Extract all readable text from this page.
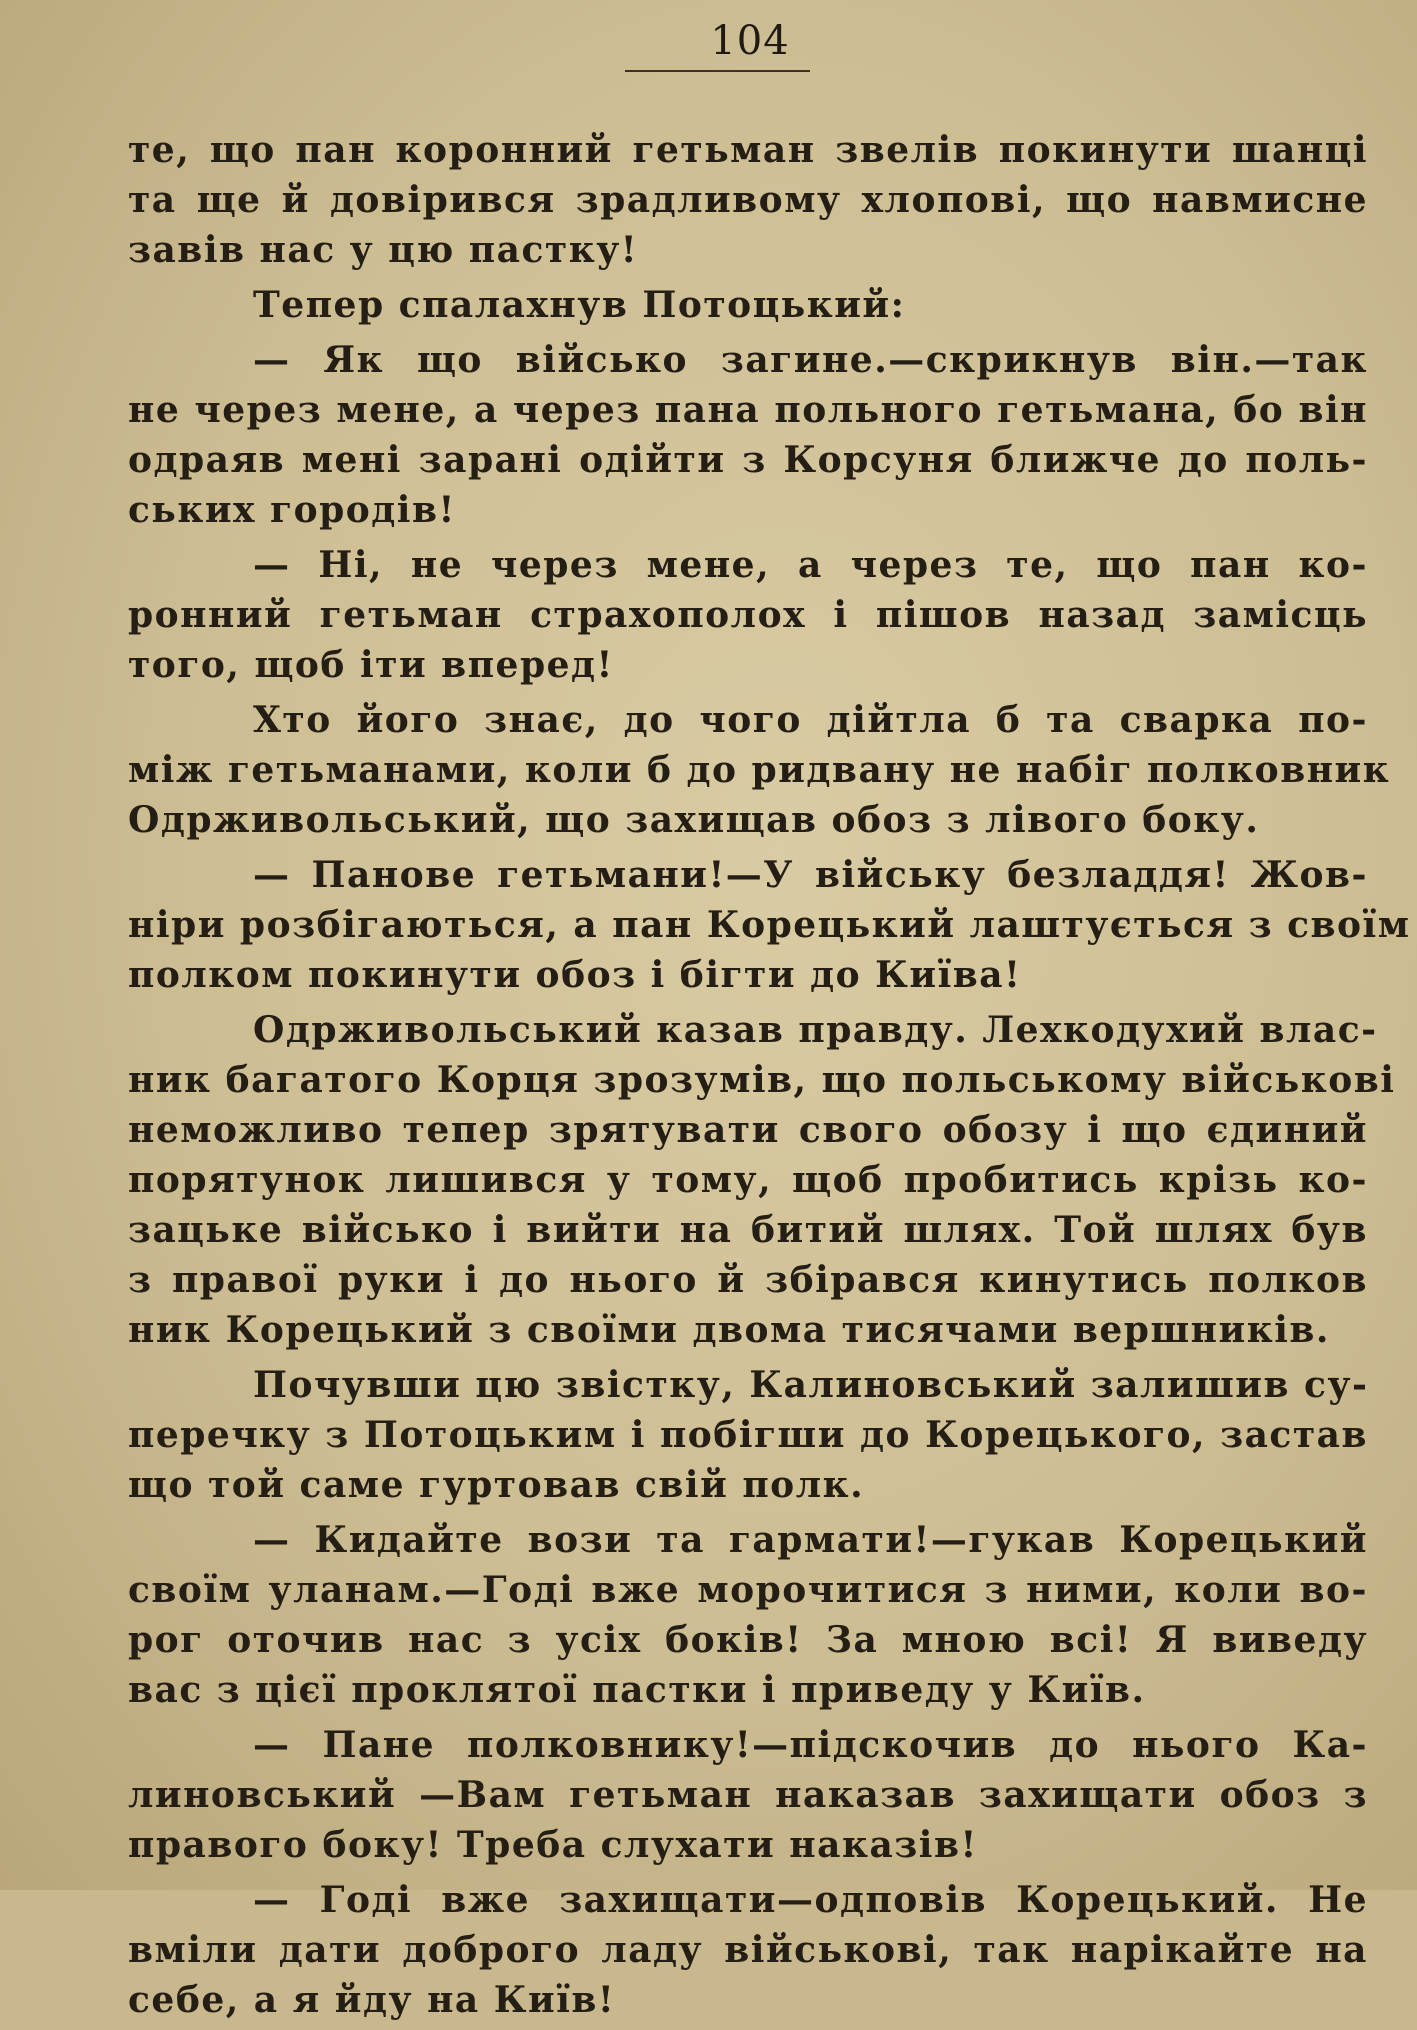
104
те, що пан коронний гетьман звелів покинути шанці
та ще й довірився зрадливому хлопові, що навмисне
завів нас у цю пастку!
Тепер спалахнув Потоцький:
— Як що військо загине.—скрикнув він.—так
не через мене, а через пана польного гетьмана, бо він
одраяв мені зарані одійти з Корсуня ближче до поль-
ських городів!
— Ні, не через мене, а через те, що пан ко-
ронний гетьман страхополох і пішов назад замісць
того, щоб іти вперед!
Хто його знає, до чого дійтла б та сварка по-
між гетьманами, коли б до ридвану не набіг полковник
Одрживольський, що захищав обоз з лівого боку.
— Панове гетьмани!—У війську безладдя! Жов-
ніри розбігаються, а пан Корецький лаштується з своїм
полком покинути обоз і бігти до Київа!
Одрживольський казав правду. Лехкодухий влас-
ник багатого Корця зрозумів, що польському військові
неможливо тепер зрятувати свого обозу і що єдиний
порятунок лишився у тому, щоб пробитись крізь ко-
зацьке військо і вийти на битий шлях. Той шлях був
з правої руки і до нього й збірався кинутись полков
ник Корецький з своїми двома тисячами вершників.
Почувши цю звістку, Калиновський залишив су-
перечку з Потоцьким і побігши до Корецького, застав
що той саме гуртовав свій полк.
— Кидайте вози та гармати!—гукав Корецький
своїм уланам.—Годі вже морочитися з ними, коли во-
рог оточив нас з усіх боків! За мною всі! Я виведу
вас з цієї проклятої пастки і приведу у Київ.
— Пане полковнику!—підскочив до нього Ка-
линовський —Вам гетьман наказав захищати обоз з
правого боку! Треба слухати наказів!
— Годі вже захищати—одповів Корецький. Не
вміли дати доброго ладу військові, так нарікайте на
себе, а я йду на Київ!
